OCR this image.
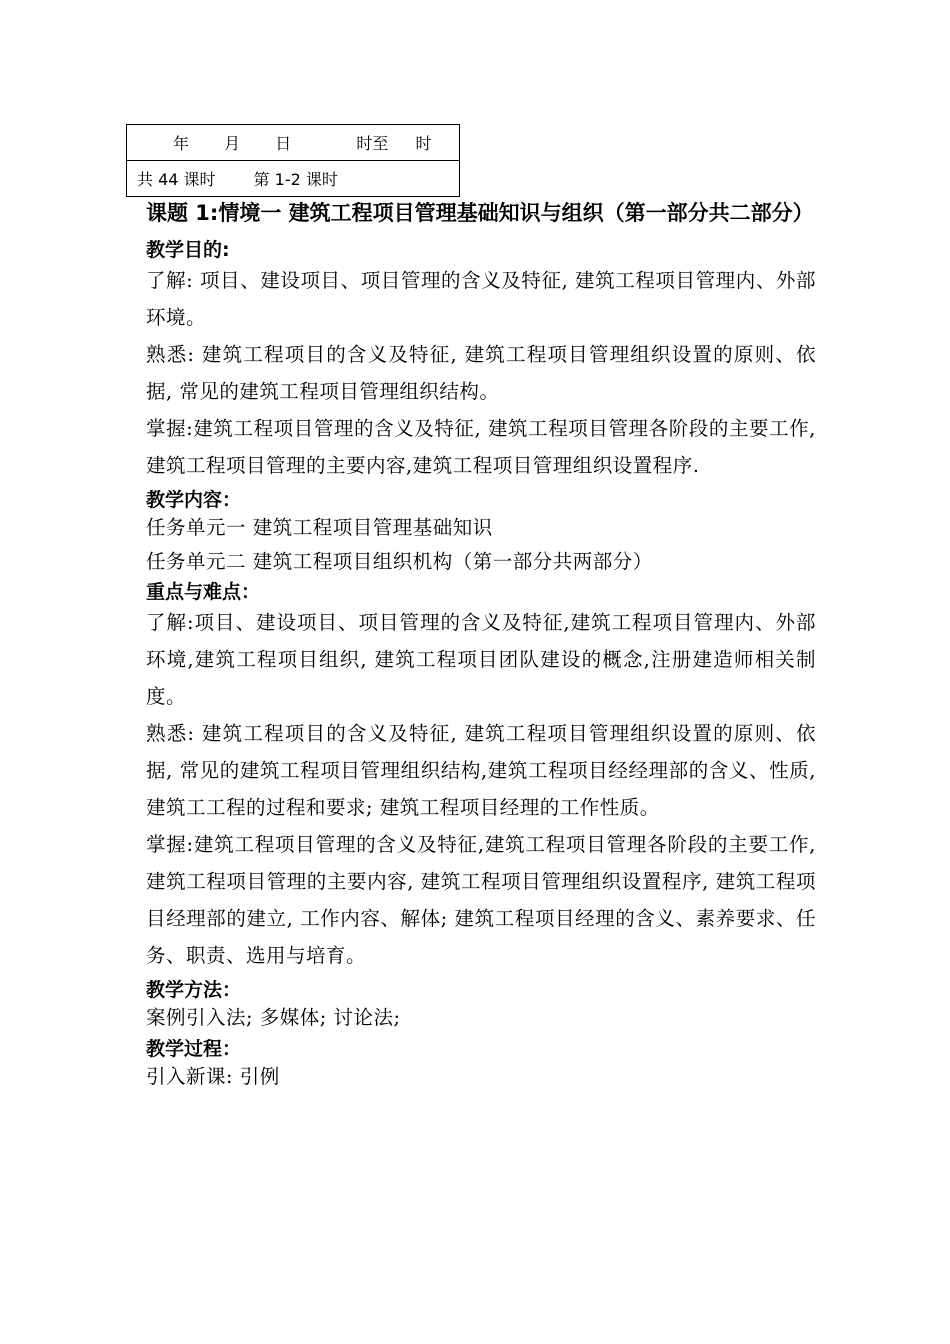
年 月 日	时至 时
共 44 课时 第 1-2 课时

课题 1:情境一 建筑工程项目管理基础知识与组织（第一部分共二部分）

教学目的:

了解: 项目、建设项目、项目管理的含义及特征, 建筑工程项目管理内、外部环境。

熟悉: 建筑工程项目的含义及特征, 建筑工程项目管理组织设置的原则、依据, 常见的建筑工程项目管理组织结构。

掌握:建筑工程项目管理的含义及特征, 建筑工程项目管理各阶段的主要工作, 建筑工程项目管理的主要内容,建筑工程项目管理组织设置程序.

教学内容：

任务单元一 建筑工程项目管理基础知识

任务单元二 建筑工程项目组织机构（第一部分共两部分）

重点与难点：

了解:项目、建设项目、项目管理的含义及特征,建筑工程项目管理内、外部环境,建筑工程项目组织, 建筑工程项目团队建设的概念,注册建造师相关制度。

熟悉: 建筑工程项目的含义及特征, 建筑工程项目管理组织设置的原则、依据, 常见的建筑工程项目管理组织结构,建筑工程项目经经理部的含义、性质, 建筑工工程的过程和要求; 建筑工程项目经理的工作性质。

掌握:建筑工程项目管理的含义及特征,建筑工程项目管理各阶段的主要工作, 建筑工程项目管理的主要内容, 建筑工程项目管理组织设置程序, 建筑工程项目经理部的建立, 工作内容、解体; 建筑工程项目经理的含义、素养要求、任务、职责、选用与培育。

教学方法：

案例引入法; 多媒体; 讨论法;

教学过程：

引入新课: 引例
